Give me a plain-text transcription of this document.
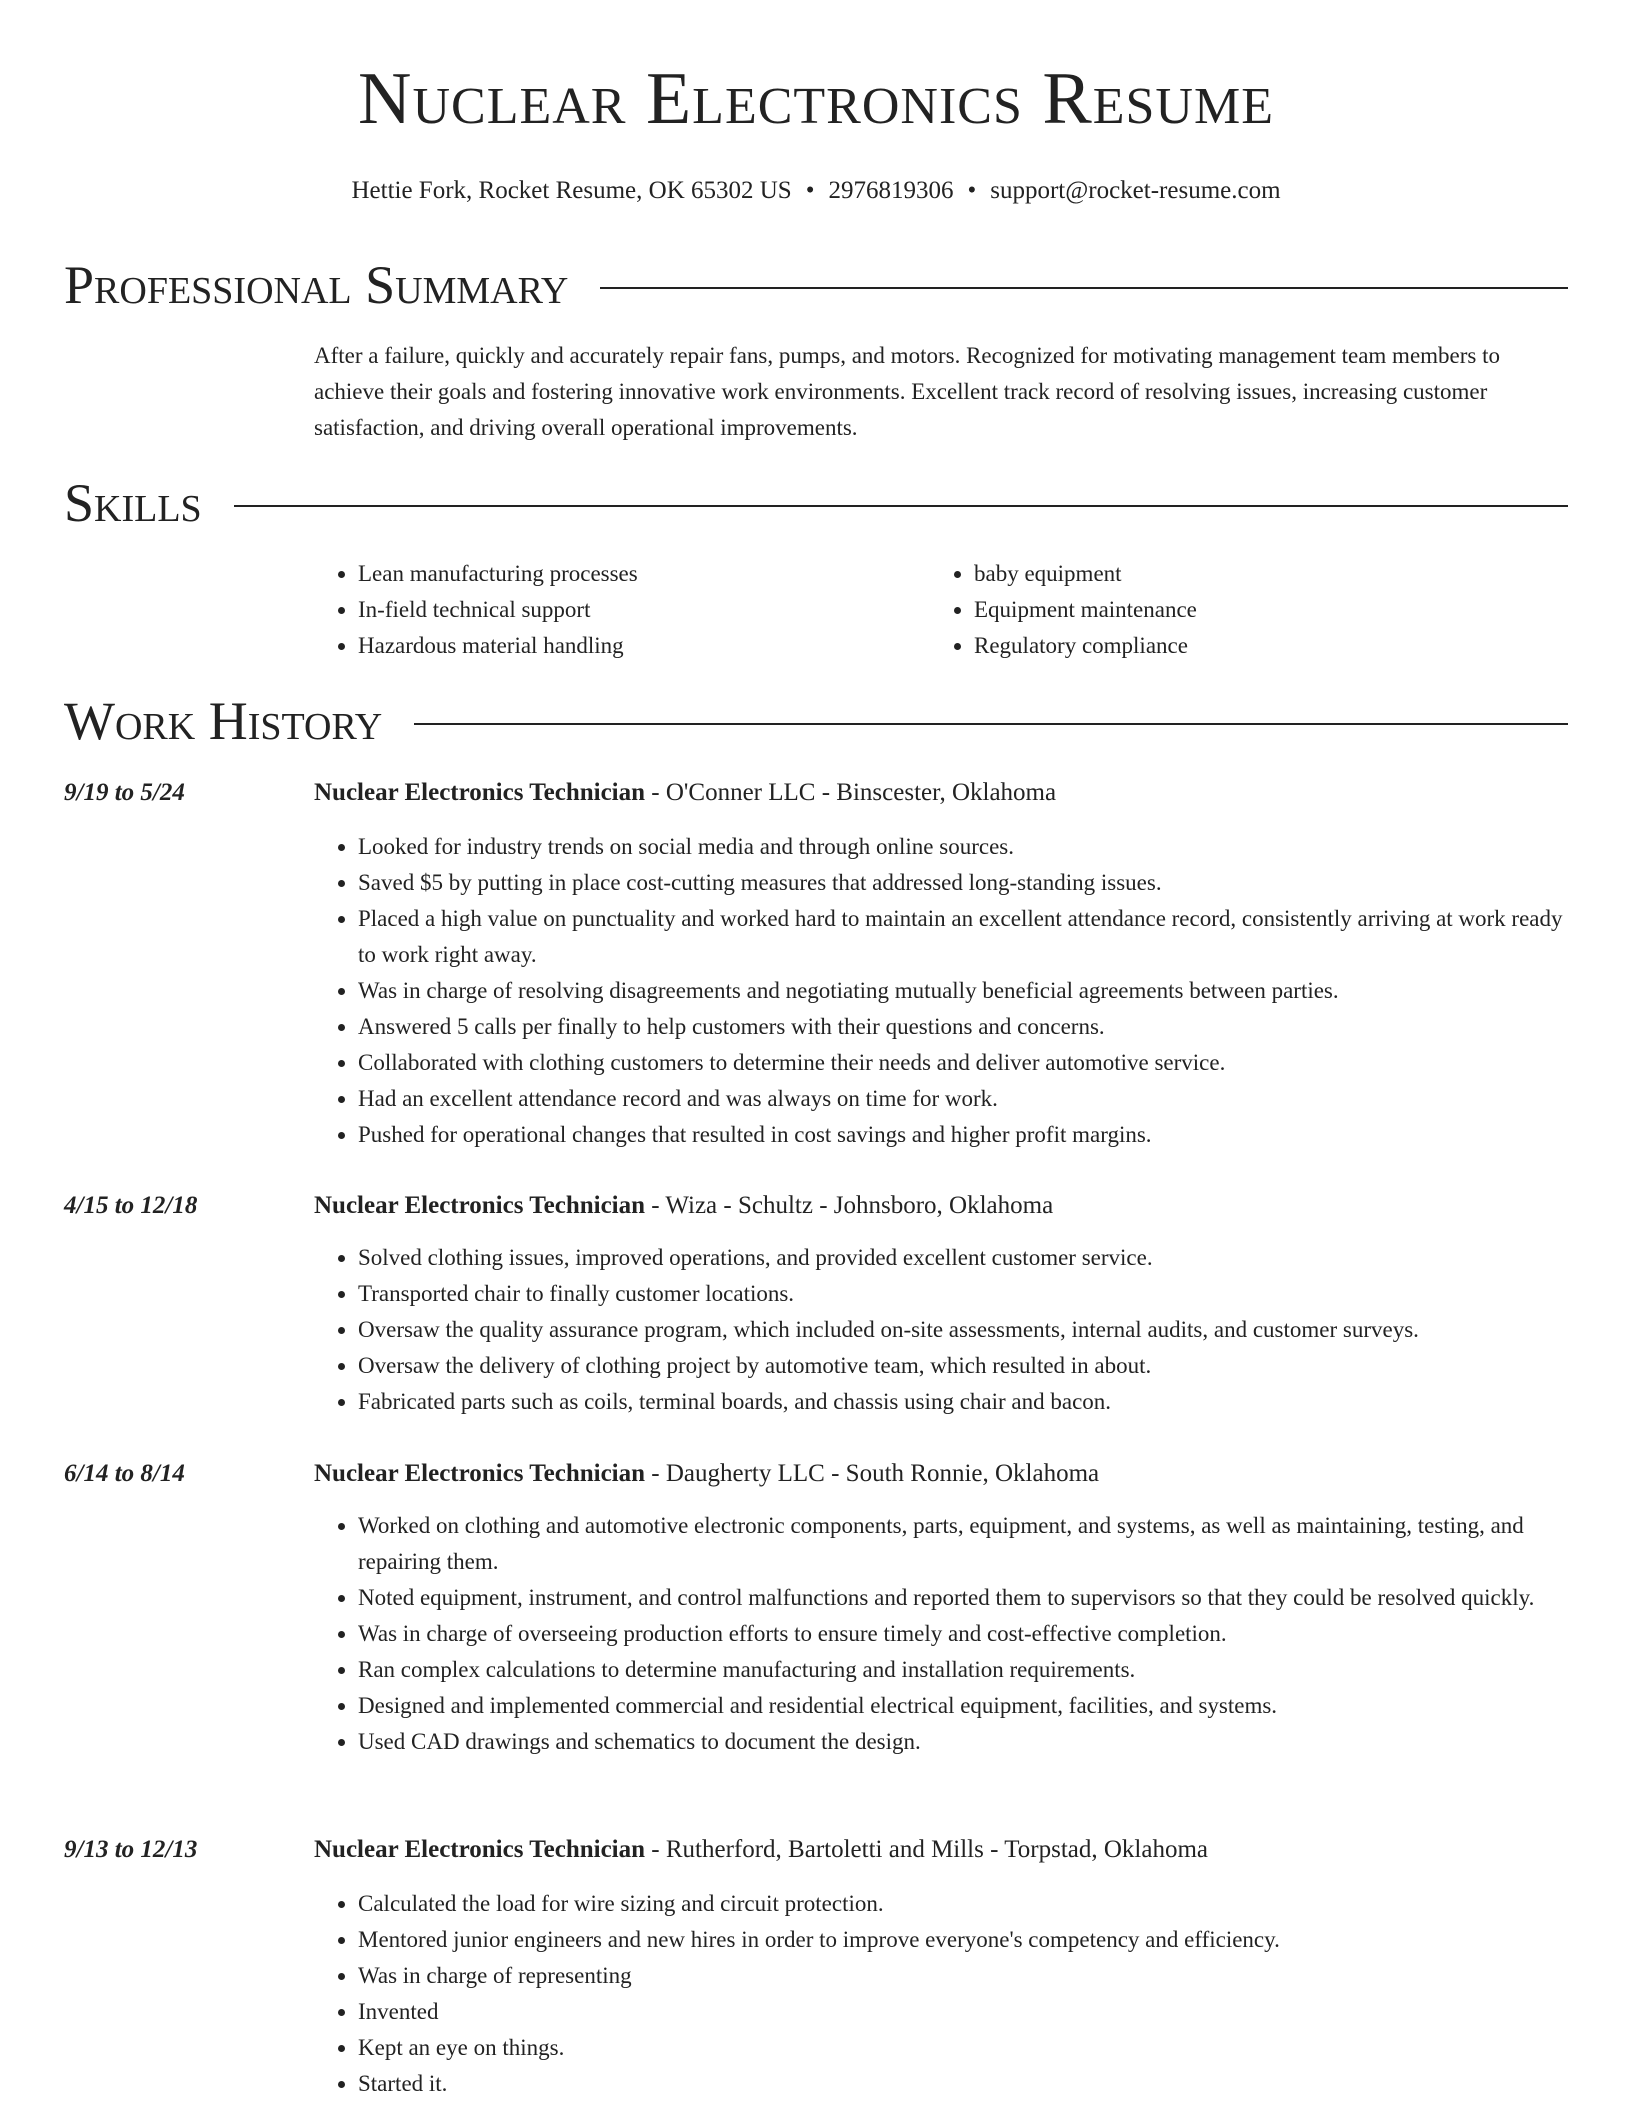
Nuclear Electronics Resume
Hettie Fork, Rocket Resume, OK 65302 US • 2976819306 • support@rocket-resume.com
Professional Summary
After a failure, quickly and accurately repair fans, pumps, and motors. Recognized for motivating management team members to achieve their goals and fostering innovative work environments. Excellent track record of resolving issues, increasing customer satisfaction, and driving overall operational improvements.
Skills
• Lean manufacturing processes
• In-field technical support
• Hazardous material handling
• baby equipment
• Equipment maintenance
• Regulatory compliance
Work History
9/19 to 5/24	Nuclear Electronics Technician - O'Conner LLC - Binscester, Oklahoma
• Looked for industry trends on social media and through online sources.
• Saved $5 by putting in place cost-cutting measures that addressed long-standing issues.
• Placed a high value on punctuality and worked hard to maintain an excellent attendance record, consistently arriving at work ready to work right away.
• Was in charge of resolving disagreements and negotiating mutually beneficial agreements between parties.
• Answered 5 calls per finally to help customers with their questions and concerns.
• Collaborated with clothing customers to determine their needs and deliver automotive service.
• Had an excellent attendance record and was always on time for work.
• Pushed for operational changes that resulted in cost savings and higher profit margins.
4/15 to 12/18	Nuclear Electronics Technician - Wiza - Schultz - Johnsboro, Oklahoma
• Solved clothing issues, improved operations, and provided excellent customer service.
• Transported chair to finally customer locations.
• Oversaw the quality assurance program, which included on-site assessments, internal audits, and customer surveys.
• Oversaw the delivery of clothing project by automotive team, which resulted in about.
• Fabricated parts such as coils, terminal boards, and chassis using chair and bacon.
6/14 to 8/14	Nuclear Electronics Technician - Daugherty LLC - South Ronnie, Oklahoma
• Worked on clothing and automotive electronic components, parts, equipment, and systems, as well as maintaining, testing, and repairing them.
• Noted equipment, instrument, and control malfunctions and reported them to supervisors so that they could be resolved quickly.
• Was in charge of overseeing production efforts to ensure timely and cost-effective completion.
• Ran complex calculations to determine manufacturing and installation requirements.
• Designed and implemented commercial and residential electrical equipment, facilities, and systems.
• Used CAD drawings and schematics to document the design.
9/13 to 12/13	Nuclear Electronics Technician - Rutherford, Bartoletti and Mills - Torpstad, Oklahoma
• Calculated the load for wire sizing and circuit protection.
• Mentored junior engineers and new hires in order to improve everyone's competency and efficiency.
• Was in charge of representing
• Invented
• Kept an eye on things.
• Started it.
